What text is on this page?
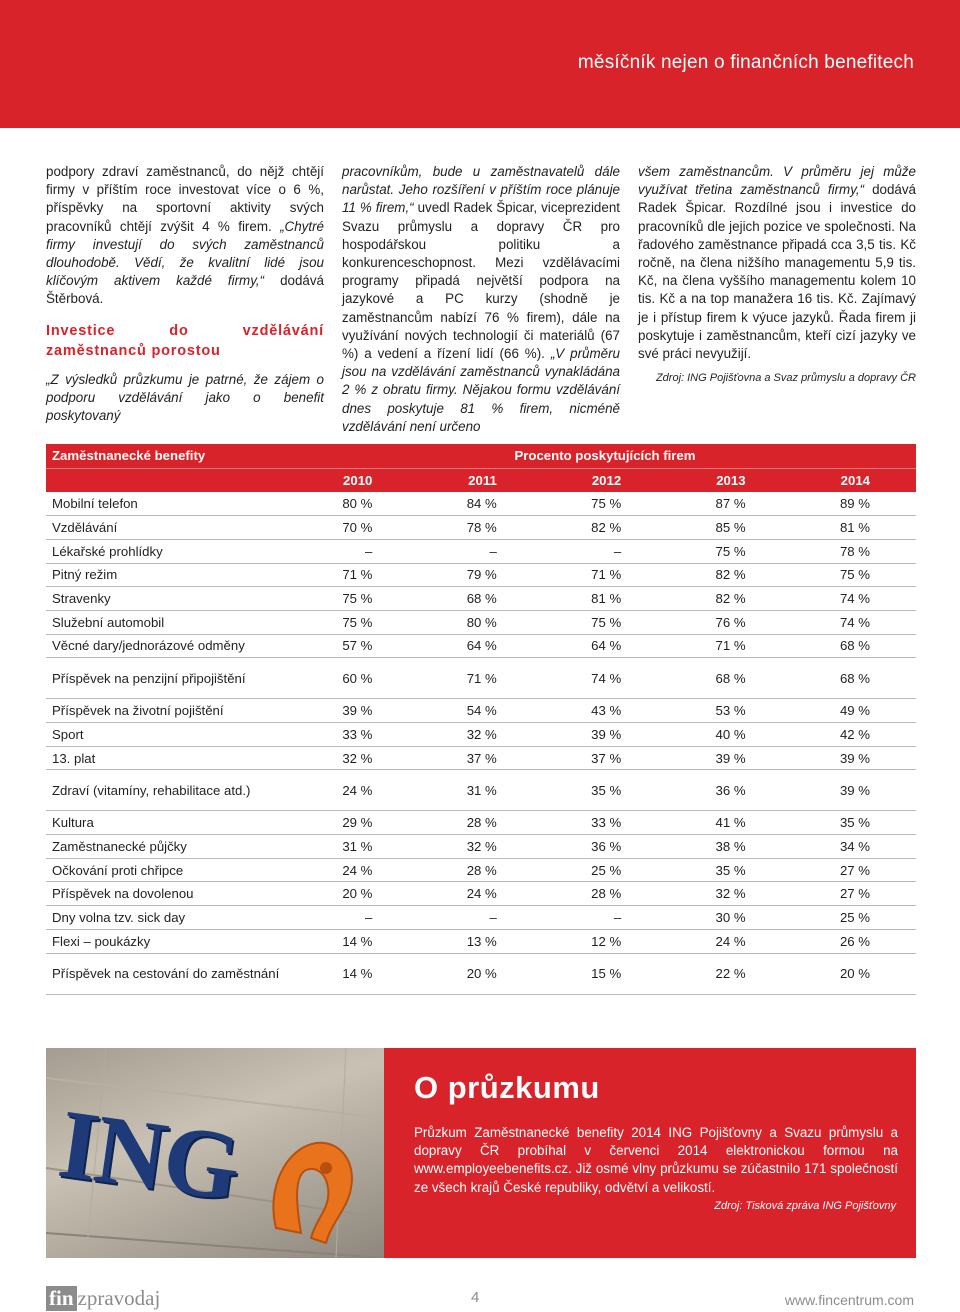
měsíčník nejen o finančních benefitech

podpory zdraví zaměstnanců, do nějž chtějí firmy v příštím roce investovat více o 6 %, příspěvky na sportovní aktivity svých pracovníků chtějí zvýšit 4 % firem. „Chytré firmy investují do svých zaměstnanců dlouhodobě. Vědí, že kvalitní lidé jsou klíčovým aktivem každé firmy,“ dodává Štěrbová.

Investice do vzdělávání zaměstnanců porostou

„Z výsledků průzkumu je patrné, že zájem o podporu vzdělávání jako o benefit poskytovaný

pracovníkům, bude u zaměstnavatelů dále narůstat. Jeho rozšíření v příštím roce plánuje 11 % firem,“ uvedl Radek Špicar, viceprezident Svazu průmyslu a dopravy ČR pro hospodářskou politiku a konkurenceschopnost. Mezi vzdělávacími programy připadá největší podpora na jazykové a PC kurzy (shodně je zaměstnancům nabízí 76 % firem), dále na využívání nových technologií či materiálů (67 %) a vedení a řízení lidí (66 %). „V průměru jsou na vzdělávání zaměstnanců vynakládána 2 % z obratu firmy. Nějakou formu vzdělávání dnes poskytuje 81 % firem, nicméně vzdělávání není určeno

všem zaměstnancům. V průměru jej může využívat třetina zaměstnanců firmy,“ dodává Radek Špicar. Rozdílné jsou i investice do pracovníků dle jejich pozice ve společnosti. Na řadového zaměstnance připadá cca 3,5 tis. Kč ročně, na člena nižšího managementu 5,9 tis. Kč, na člena vyššího managementu kolem 10 tis. Kč a na top manažera 16 tis. Kč. Zajímavý je i přístup firem k výuce jazyků. Řada firem ji poskytuje i zaměstnancům, kteří cizí jazyky ve své práci nevyužijí.

Zdroj: ING Pojišťovna a Svaz průmyslu a dopravy ČR

Zaměstnanecké benefity	Procento poskytujících firem				
	2010	2011	2012	2013	2014
Mobilní telefon	80 %	84 %	75 %	87 %	89 %
Vzdělávání	70 %	78 %	82 %	85 %	81 %
Lékařské prohlídky	–	–	–	75 %	78 %
Pitný režim	71 %	79 %	71 %	82 %	75 %
Stravenky	75 %	68 %	81 %	82 %	74 %
Služební automobil	75 %	80 %	75 %	76 %	74 %
Věcné dary/jednorázové odměny	57 %	64 %	64 %	71 %	68 %
Příspěvek na penzijní připojištění	60 %	71 %	74 %	68 %	68 %
Příspěvek na životní pojištění	39 %	54 %	43 %	53 %	49 %
Sport	33 %	32 %	39 %	40 %	42 %
13. plat	32 %	37 %	37 %	39 %	39 %
Zdraví (vitamíny, rehabilitace atd.)	24 %	31 %	35 %	36 %	39 %
Kultura	29 %	28 %	33 %	41 %	35 %
Zaměstnanecké půjčky	31 %	32 %	36 %	38 %	34 %
Očkování proti chřipce	24 %	28 %	25 %	35 %	27 %
Příspěvek na dovolenou	20 %	24 %	28 %	32 %	27 %
Dny volna tzv. sick day	–	–	–	30 %	25 %
Flexi – poukázky	14 %	13 %	12 %	24 %	26 %
Příspěvek na cestování do zaměstnání	14 %	20 %	15 %	22 %	20 %
ING
O průzkumu
Průzkum Zaměstnanecké benefity 2014 ING Pojišťovny a Svazu průmyslu a dopravy ČR probíhal v červenci 2014 elektronickou formou na www.employeebenefits.cz. Již osmé vlny průzkumu se zúčastnilo 171 společností ze všech krajů České republiky, odvětví a velikostí.
Zdroj: Tisková zpráva ING Pojišťovny
fin zpravodaj	4	www.fincentrum.com
